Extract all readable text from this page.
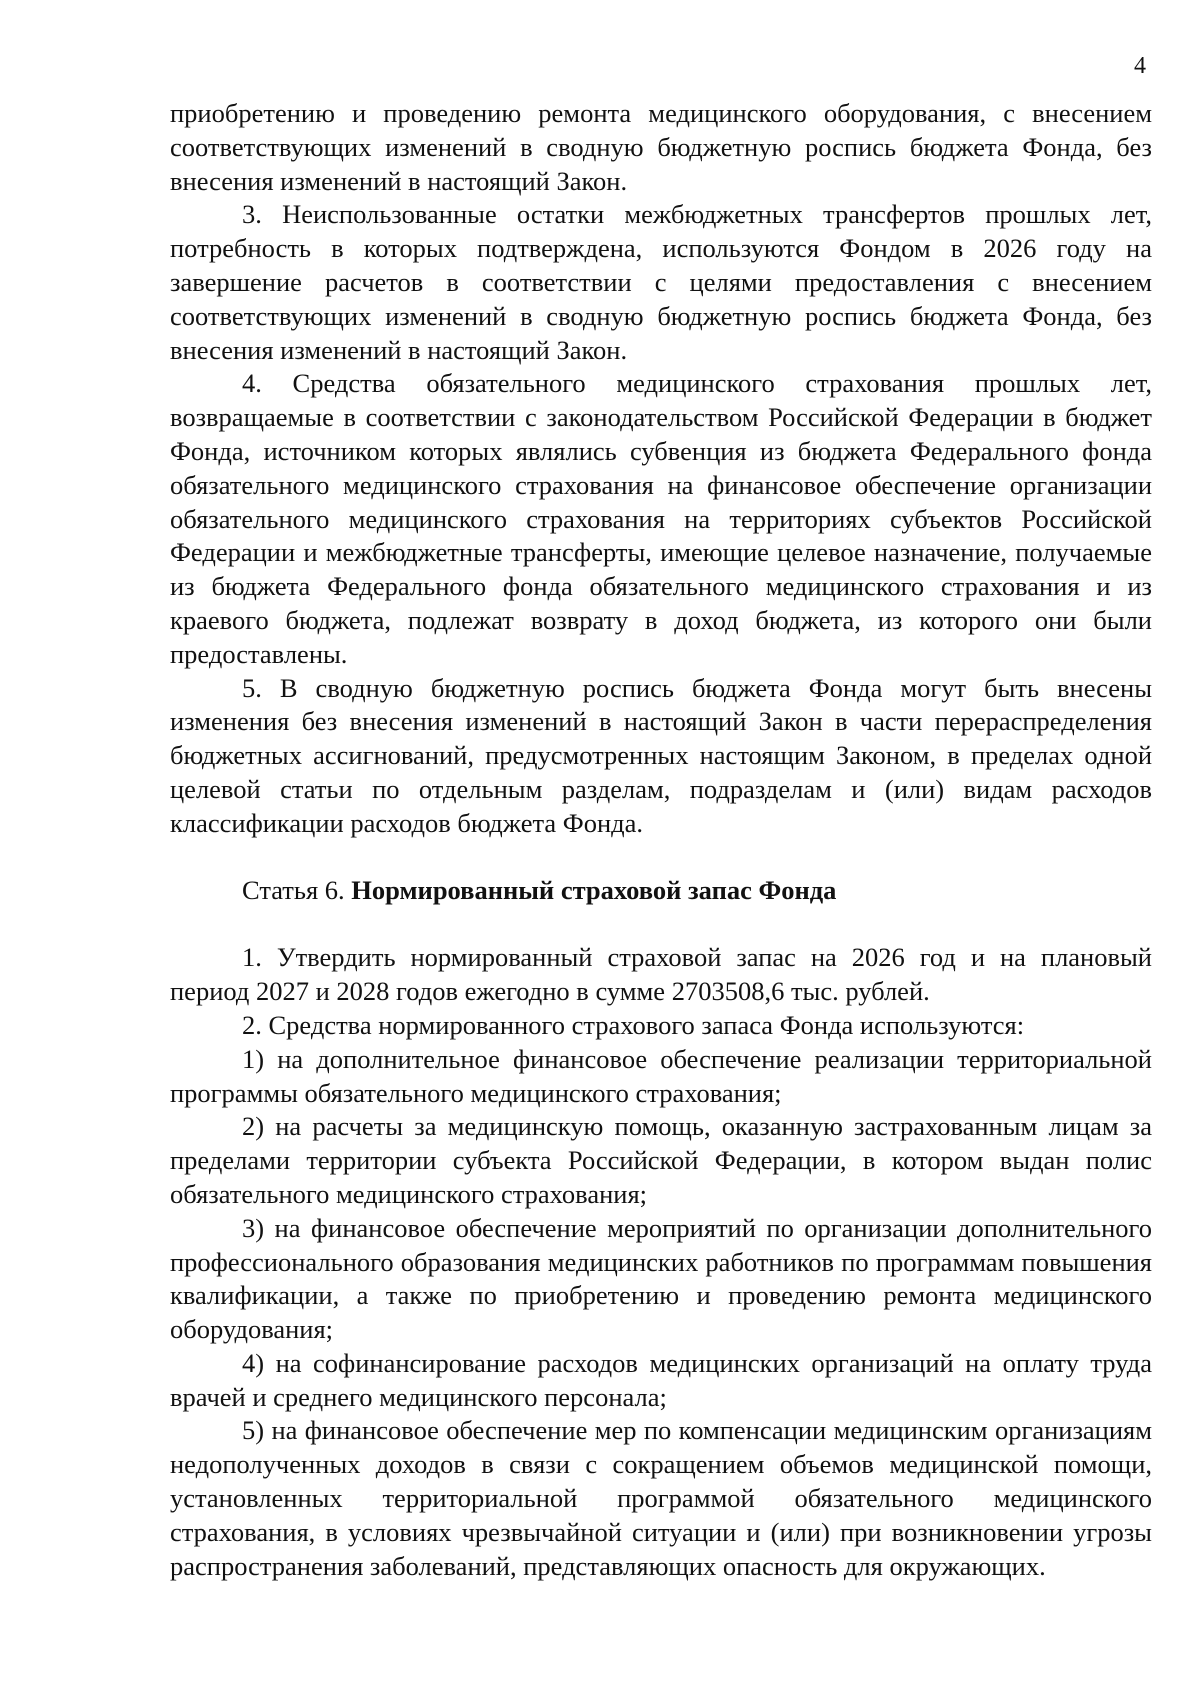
4

приобретению и проведению ремонта медицинского оборудования, с внесением соответствующих изменений в сводную бюджетную роспись бюджета Фонда, без внесения изменений в настоящий Закон.

3. Неиспользованные остатки межбюджетных трансфертов прошлых лет, потребность в которых подтверждена, используются Фондом в 2026 году на завершение расчетов в соответствии с целями предоставления с внесением соответствующих изменений в сводную бюджетную роспись бюджета Фонда, без внесения изменений в настоящий Закон.

4. Средства обязательного медицинского страхования прошлых лет, возвращаемые в соответствии с законодательством Российской Федерации в бюджет Фонда, источником которых являлись субвенция из бюджета Федерального фонда обязательного медицинского страхования на финансовое обеспечение организации обязательного медицинского страхования на территориях субъектов Российской Федерации и межбюджетные трансферты, имеющие целевое назначение, получаемые из бюджета Федерального фонда обязательного медицинского страхования и из краевого бюджета, подлежат возврату в доход бюджета, из которого они были предоставлены.

5. В сводную бюджетную роспись бюджета Фонда могут быть внесены изменения без внесения изменений в настоящий Закон в части перераспределения бюджетных ассигнований, предусмотренных настоящим Законом, в пределах одной целевой статьи по отдельным разделам, подразделам и (или) видам расходов классификации расходов бюджета Фонда.

Статья 6. Нормированный страховой запас Фонда

1. Утвердить нормированный страховой запас на 2026 год и на плановый период 2027 и 2028 годов ежегодно в сумме 2703508,6 тыс. рублей.

2. Средства нормированного страхового запаса Фонда используются:

1) на дополнительное финансовое обеспечение реализации территориальной программы обязательного медицинского страхования;

2) на расчеты за медицинскую помощь, оказанную застрахованным лицам за пределами территории субъекта Российской Федерации, в котором выдан полис обязательного медицинского страхования;

3) на финансовое обеспечение мероприятий по организации дополнительного профессионального образования медицинских работников по программам повышения квалификации, а также по приобретению и проведению ремонта медицинского оборудования;

4) на софинансирование расходов медицинских организаций на оплату труда врачей и среднего медицинского персонала;

5) на финансовое обеспечение мер по компенсации медицинским организациям недополученных доходов в связи с сокращением объемов медицинской помощи, установленных территориальной программой обязательного медицинского страхования, в условиях чрезвычайной ситуации и (или) при возникновении угрозы распространения заболеваний, представляющих опасность для окружающих.
